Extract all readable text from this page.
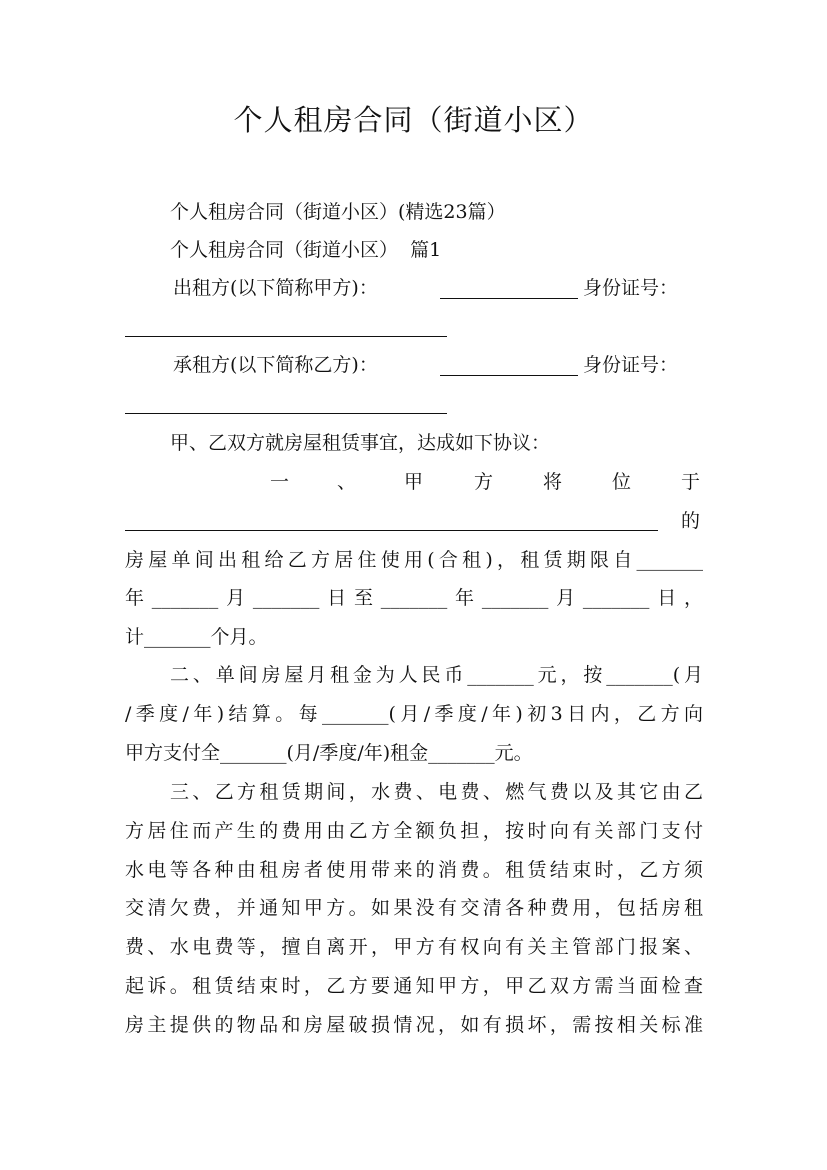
个人租房合同（街道小区）
个人租房合同（街道小区）(精选23篇）
个人租房合同（街道小区）  篇1
出租方(以下简称甲方)：	身份证号：
承租方(以下简称乙方)：	身份证号：
甲、乙双方就房屋租赁事宜，达成如下协议：
一	、	甲	方	将	位	于
的
房屋单间出租给乙方居住使用(合租)，租赁期限自_______
年_______月_______日至_______年_______月_______日，
计_______个月。
二、单间房屋月租金为人民币_______元，按_______(月
/季度/年)结算。每_______(月/季度/年)初3日内，乙方向
甲方支付全_______(月/季度/年)租金_______元。
三、乙方租赁期间，水费、电费、燃气费以及其它由乙
方居住而产生的费用由乙方全额负担，按时向有关部门支付
水电等各种由租房者使用带来的消费。租赁结束时，乙方须
交清欠费，并通知甲方。如果没有交清各种费用，包括房租
费、水电费等，擅自离开，甲方有权向有关主管部门报案、
起诉。租赁结束时，乙方要通知甲方，甲乙双方需当面检查
房主提供的物品和房屋破损情况，如有损坏，需按相关标准
